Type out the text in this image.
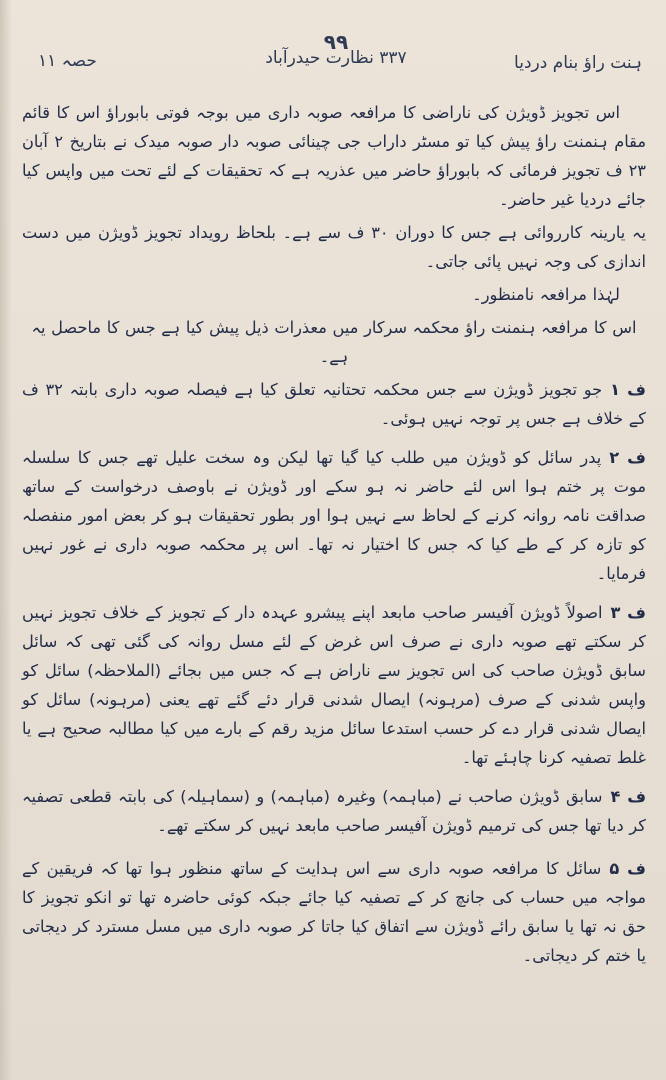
۹۹
ہنت راؤ بنام دردیا
۳۳۷ نظارت حیدرآباد
حصہ ۱۱

اس تجویز ڈویژن کی ناراضی کا مرافعہ صوبہ داری میں بوجہ فوتی بابوراؤ اس کا قائم مقام ہنمنت راؤ پیش کیا تو مسٹر داراب جی چینائی صوبہ دار صوبہ میدک نے بتاریخ ۲ آبان ۲۳ ف تجویز فرمائی کہ بابوراؤ حاضر میں عذریہ ہے کہ تحقیقات کے لئے تحت میں واپس کیا جائے دردیا غیر حاضر۔

یہ یارینہ کارروائی ہے جس کا دوران ۳۰ ف سے ہے۔ بلحاظ رویداد تجویز ڈویژن میں دست اندازی کی وجہ نہیں پائی جاتی۔

لہٰذا مرافعہ نامنظور۔

اس کا مرافعہ ہنمنت راؤ محکمہ سرکار میں معذرات ذیل پیش کیا ہے جس کا ماحصل یہ ہے۔

ف ۱جو تجویز ڈویژن سے جس محکمہ تحتانیہ تعلق کیا ہے فیصلہ صوبہ داری بابتہ ۳۲ ف کے خلاف ہے جس پر توجہ نہیں ہوئی۔

ف ۲پدر سائل کو ڈویژن میں طلب کیا گیا تھا لیکن وہ سخت علیل تھے جس کا سلسلہ موت پر ختم ہوا اس لئے حاضر نہ ہو سکے اور ڈویژن نے باوصف درخواست کے ساتھ صداقت نامہ روانہ کرنے کے لحاظ سے نہیں ہوا اور بطور تحقیقات ہو کر بعض امور منفصلہ کو تازہ کر کے طے کیا کہ جس کا اختیار نہ تھا۔ اس پر محکمہ صوبہ داری نے غور نہیں فرمایا۔

ف ۳اصولاً ڈویژن آفیسر صاحب مابعد اپنے پیشرو عہدہ دار کے تجویز کے خلاف تجویز نہیں کر سکتے تھے صوبہ داری نے صرف اس غرض کے لئے مسل روانہ کی گئی تھی کہ سائل سابق ڈویژن صاحب کی اس تجویز سے ناراض ہے کہ جس میں بجائے (الملاحظہ) سائل کو واپس شدنی کے صرف (مرہونہ) ایصال شدنی قرار دئے گئے تھے یعنی (مرہونہ) سائل کو ایصال شدنی قرار دے کر حسب استدعا سائل مزید رقم کے بارے میں کیا مطالبہ صحیح ہے یا غلط تصفیہ کرنا چاہئے تھا۔

ف ۴سابق ڈویژن صاحب نے (مباہمہ) وغیرہ (مباہمہ) و (سماہیلہ) کی بابتہ قطعی تصفیہ کر دیا تھا جس کی ترمیم ڈویژن آفیسر صاحب مابعد نہیں کر سکتے تھے۔

ف ۵سائل کا مرافعہ صوبہ داری سے اس ہدایت کے ساتھ منظور ہوا تھا کہ فریقین کے مواجہ میں حساب کی جانچ کر کے تصفیہ کیا جائے جبکہ کوئی حاضرہ تھا تو انکو تجویز کا حق نہ تھا یا سابق رائے ڈویژن سے اتفاق کیا جاتا کر صوبہ داری میں مسل مسترد کر دیجاتی یا ختم کر دیجاتی۔
